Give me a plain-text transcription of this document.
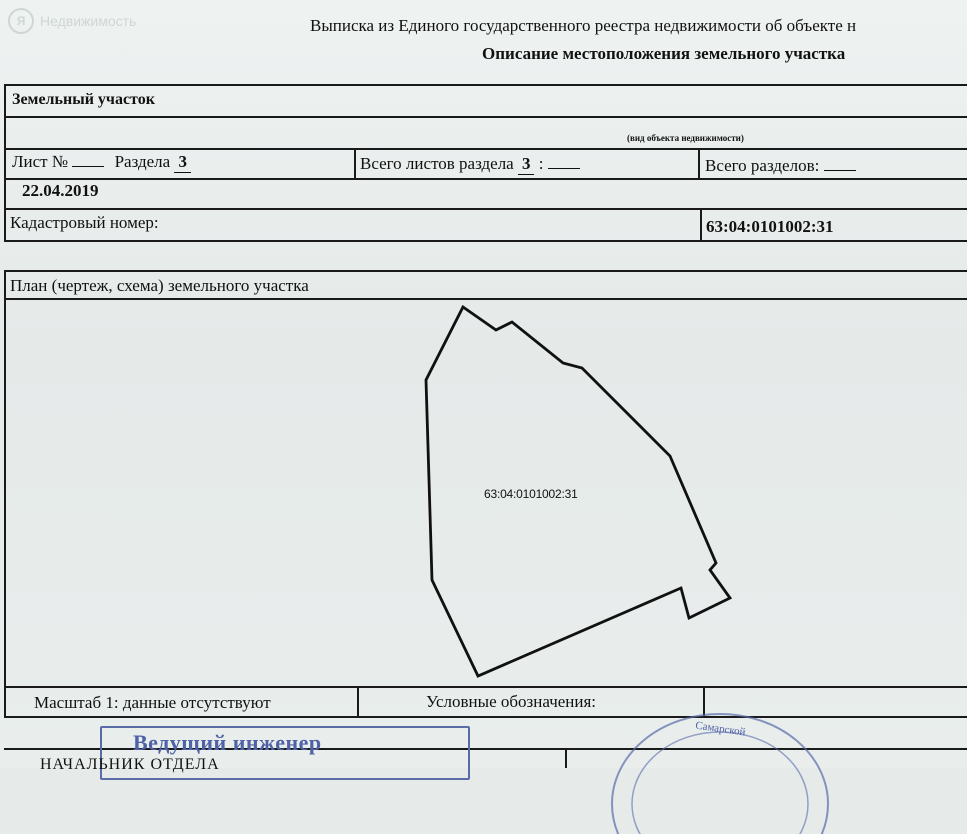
Я	Недвижимость	Выписка из Единого государственного реестра недвижимости об объекте н
Описание местоположения земельного участка
Земельный участок
(вид объекта недвижимости)
Лист №	Раздела 3	Всего листов раздела 3 :	Всего разделов:
22.04.2019
Кадастровый номер:	63:04:0101002:31
План (чертеж, схема) земельного участка
63:04:0101002:31
Масштаб 1: данные отсутствуют	Условные обозначения:
Ведущий инженер
НАЧАЛЬНИК ОТДЕЛА
Самарской
